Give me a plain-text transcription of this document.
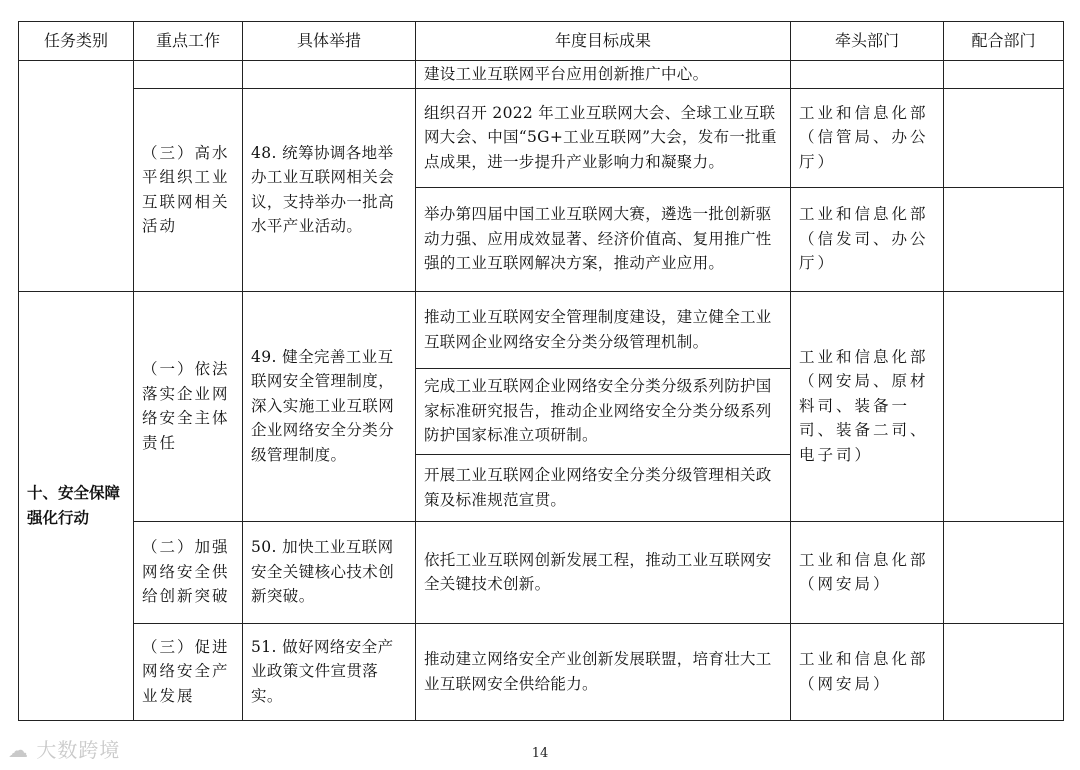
任务类别	重点工作	具体举措	年度目标成果	牵头部门	配合部门
			建设工业互联网平台应用创新推广中心。		
	（三）高水平组织工业互联网相关活动	48. 统筹协调各地举办工业互联网相关会议，支持举办一批高水平产业活动。	组织召开 2022 年工业互联网大会、全球工业互联网大会、中国“5G+工业互联网”大会，发布一批重点成果，进一步提升产业影响力和凝聚力。	工业和信息化部（信管局、办公厅）	
			举办第四届中国工业互联网大赛，遴选一批创新驱动力强、应用成效显著、经济价值高、复用推广性强的工业互联网解决方案，推动产业应用。	工业和信息化部（信发司、办公厅）	
十、安全保障强化行动	（一）依法落实企业网络安全主体责任	49. 健全完善工业互联网安全管理制度，深入实施工业互联网企业网络安全分类分级管理制度。	推动工业互联网安全管理制度建设，建立健全工业互联网企业网络安全分类分级管理机制。	工业和信息化部（网安局、原材料司、装备一司、装备二司、电子司）	
			完成工业互联网企业网络安全分类分级系列防护国家标准研究报告，推动企业网络安全分类分级系列防护国家标准立项研制。		
			开展工业互联网企业网络安全分类分级管理相关政策及标准规范宣贯。		
	（二）加强网络安全供给创新突破	50. 加快工业互联网安全关键核心技术创新突破。	依托工业互联网创新发展工程，推动工业互联网安全关键技术创新。	工业和信息化部（网安局）	
	（三）促进网络安全产业发展	51. 做好网络安全产业政策文件宣贯落实。	推动建立网络安全产业创新发展联盟，培育壮大工业互联网安全供给能力。	工业和信息化部（网安局）	
☁ 大数跨境	14
